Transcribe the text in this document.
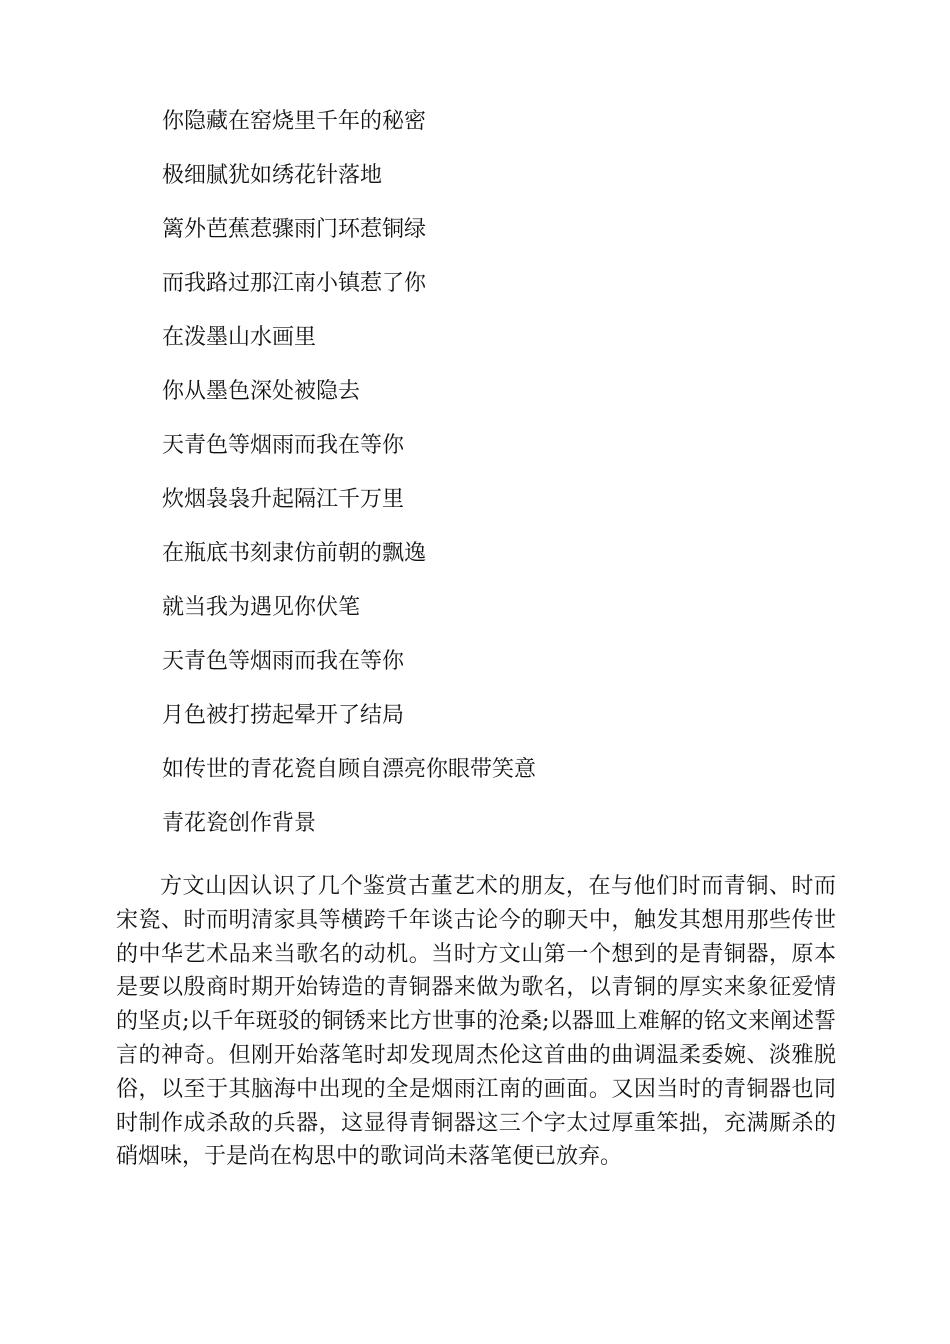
你隐藏在窑烧里千年的秘密
极细腻犹如绣花针落地
篱外芭蕉惹骤雨门环惹铜绿
而我路过那江南小镇惹了你
在泼墨山水画里
你从墨色深处被隐去
天青色等烟雨而我在等你
炊烟袅袅升起隔江千万里
在瓶底书刻隶仿前朝的飘逸
就当我为遇见你伏笔
天青色等烟雨而我在等你
月色被打捞起晕开了结局
如传世的青花瓷自顾自漂亮你眼带笑意
青花瓷创作背景

方文山因认识了几个鉴赏古董艺术的朋友，在与他们时而青铜、时而宋瓷、时而明清家具等横跨千年谈古论今的聊天中，触发其想用那些传世的中华艺术品来当歌名的动机。当时方文山第一个想到的是青铜器，原本是要以殷商时期开始铸造的青铜器来做为歌名，以青铜的厚实来象征爱情的坚贞;以千年斑驳的铜锈来比方世事的沧桑;以器皿上难解的铭文来阐述誓言的神奇。但刚开始落笔时却发现周杰伦这首曲的曲调温柔委婉、淡雅脱俗，以至于其脑海中出现的全是烟雨江南的画面。又因当时的青铜器也同时制作成杀敌的兵器，这显得青铜器这三个字太过厚重笨拙，充满厮杀的硝烟味，于是尚在构思中的歌词尚未落笔便已放弃。
